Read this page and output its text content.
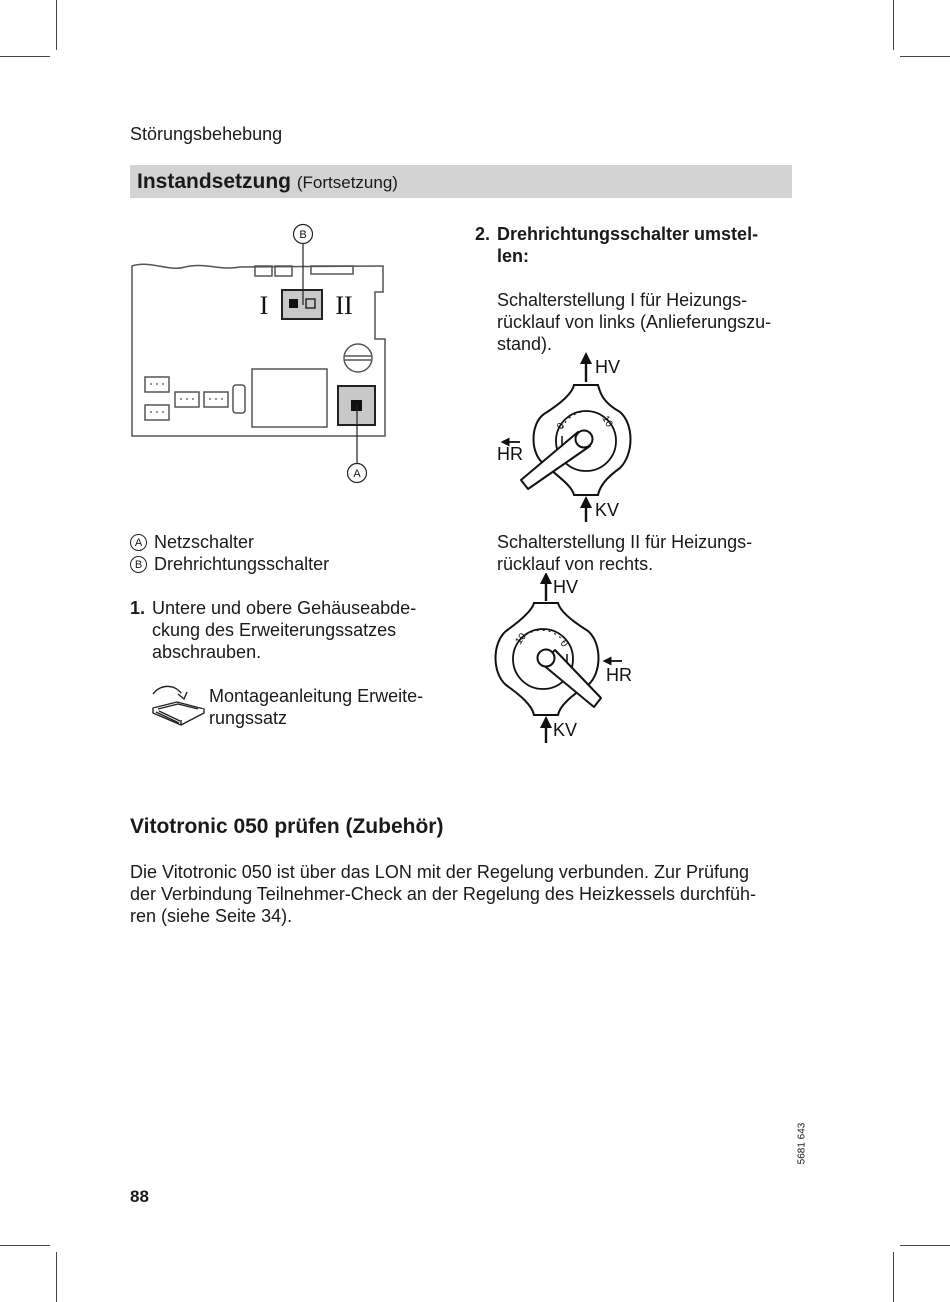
Störungsbehebung
Instandsetzung (Fortsetzung)
I	II
B
A
A Netzschalter
B Drehrichtungsschalter
1. Untere und obere Gehäuseabde-
ckung des Erweiterungssatzes
abschrauben.
Montageanleitung Erweite-
rungssatz
2. Drehrichtungsschalter umstel-
len:
Schalterstellung I für Heizungs-
rücklauf von links (Anlieferungszu-
stand).
HV
HR
KV
0	10
Schalterstellung II für Heizungs-
rücklauf von rechts.
HV
HR
KV
10	0
Vitotronic 050 prüfen (Zubehör)
Die Vitotronic 050 ist über das LON mit der Regelung verbunden. Zur Prüfung
der Verbindung Teilnehmer-Check an der Regelung des Heizkessels durchfüh-
ren (siehe Seite 34).
88
5681 643
